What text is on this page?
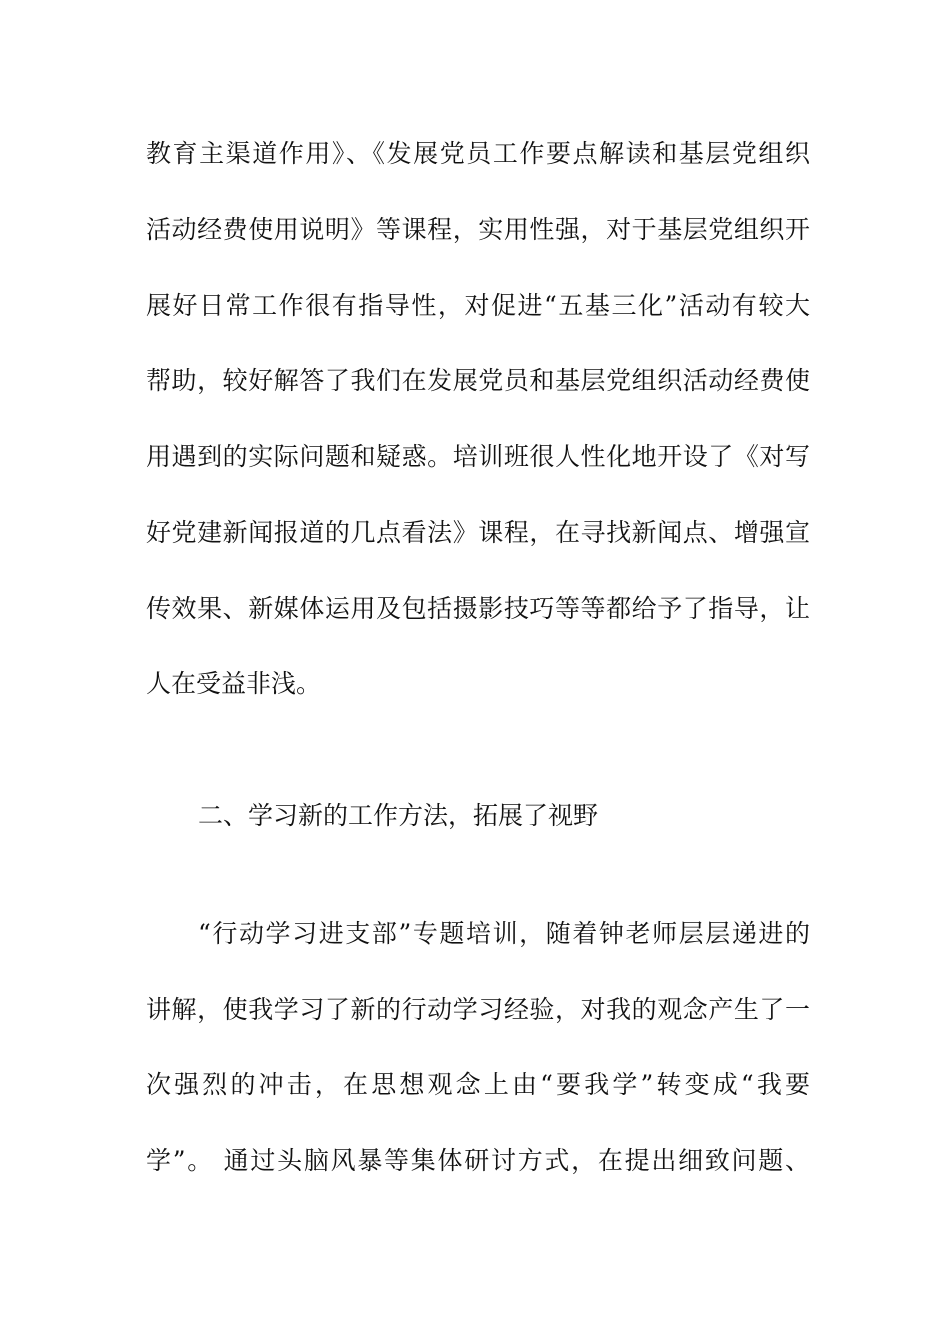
教育主渠道作用》、《发展党员工作要点解读和基层党组织
活动经费使用说明》等课程，实用性强，对于基层党组织开
展好日常工作很有指导性，对促进“五基三化”活动有较大
帮助，较好解答了我们在发展党员和基层党组织活动经费使
用遇到的实际问题和疑惑。培训班很人性化地开设了《对写
好党建新闻报道的几点看法》课程，在寻找新闻点、增强宣
传效果、新媒体运用及包括摄影技巧等等都给予了指导，让
人在受益非浅。
二、学习新的工作方法，拓展了视野
“行动学习进支部”专题培训，随着钟老师层层递进的
讲解，使我学习了新的行动学习经验，对我的观念产生了一
次强烈的冲击，在思想观念上由“要我学”转变成“我要
学”。 通过头脑风暴等集体研讨方式，在提出细致问题、
